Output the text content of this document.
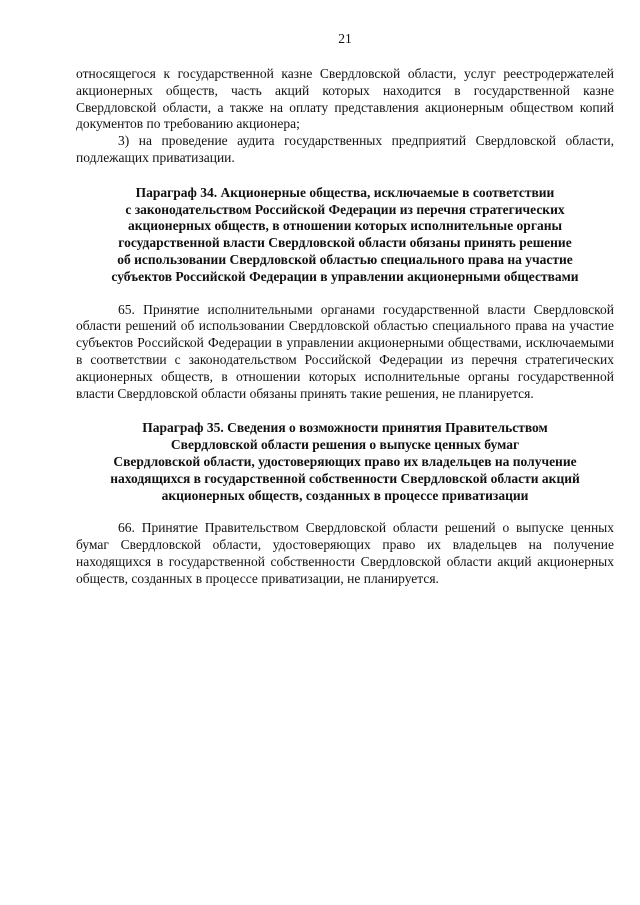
21

относящегося к государственной казне Свердловской области, услуг реестродержателей акционерных обществ, часть акций которых находится в государственной казне Свердловской области, а также на оплату представления акционерным обществом копий документов по требованию акционера;

3) на проведение аудита государственных предприятий Свердловской области, подлежащих приватизации.

Параграф 34. Акционерные общества, исключаемые в соответствии
с законодательством Российской Федерации из перечня стратегических
акционерных обществ, в отношении которых исполнительные органы
государственной власти Свердловской области обязаны принять решение
об использовании Свердловской областью специального права на участие
субъектов Российской Федерации в управлении акционерными обществами

65. Принятие исполнительными органами государственной власти Свердловской области решений об использовании Свердловской областью специального права на участие субъектов Российской Федерации в управлении акционерными обществами, исключаемыми в соответствии с законодательством Российской Федерации из перечня стратегических акционерных обществ, в отношении которых исполнительные органы государственной власти Свердловской области обязаны принять такие решения, не планируется.

Параграф 35. Сведения о возможности принятия Правительством
Свердловской области решения о выпуске ценных бумаг
Свердловской области, удостоверяющих право их владельцев на получение
находящихся в государственной собственности Свердловской области акций
акционерных обществ, созданных в процессе приватизации

66. Принятие Правительством Свердловской области решений о выпуске ценных бумаг Свердловской области, удостоверяющих право их владельцев на получение находящихся в государственной собственности Свердловской области акций акционерных обществ, созданных в процессе приватизации, не планируется.
